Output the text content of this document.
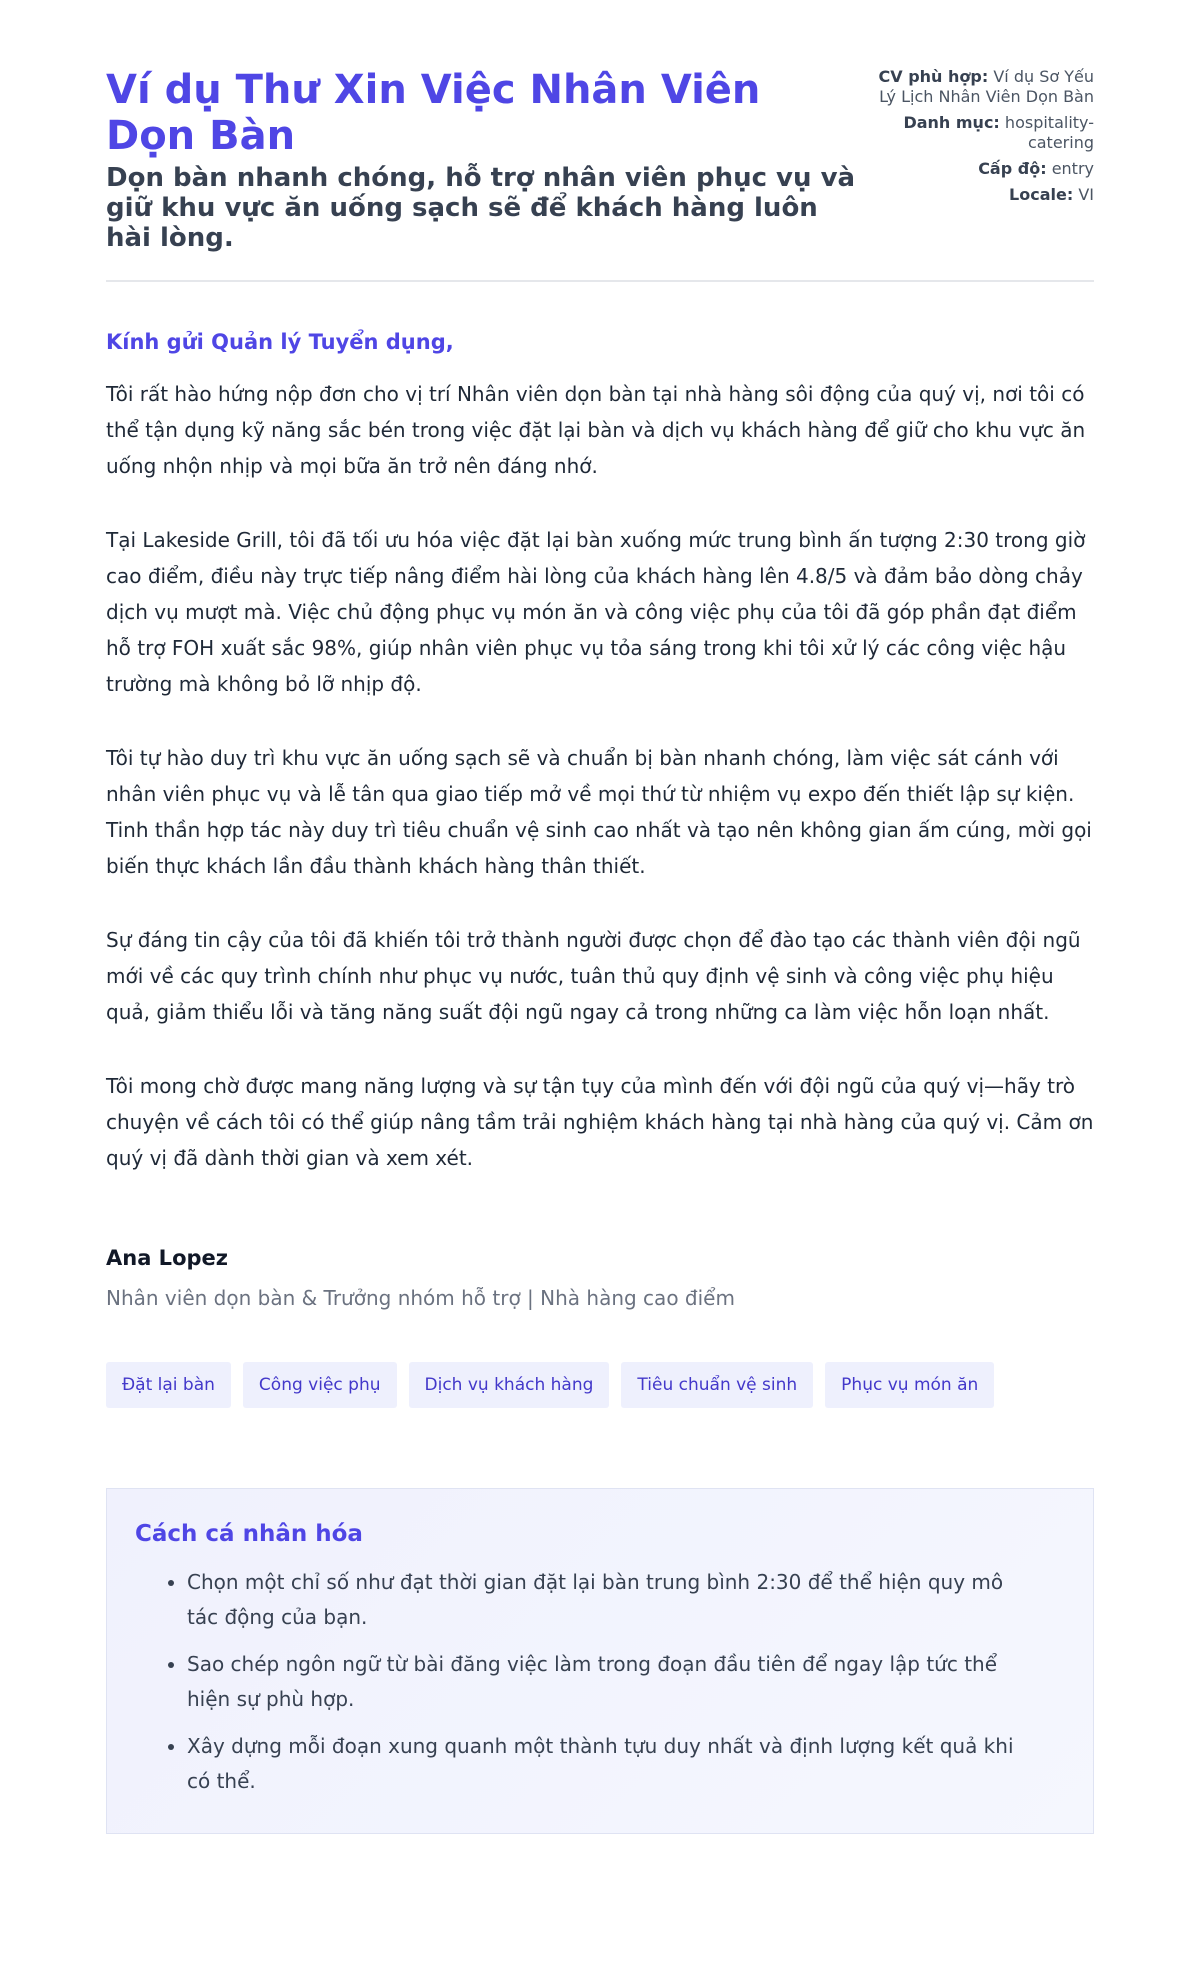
Ví dụ Thư Xin Việc Nhân Viên Dọn Bàn

Dọn bàn nhanh chóng, hỗ trợ nhân viên phục vụ và giữ khu vực ăn uống sạch sẽ để khách hàng luôn hài lòng.

CV phù hợp: Ví dụ Sơ Yếu Lý Lịch Nhân Viên Dọn Bàn
Danh mục: hospitality-catering
Cấp độ: entry
Locale: VI

Kính gửi Quản lý Tuyển dụng,

Tôi rất hào hứng nộp đơn cho vị trí Nhân viên dọn bàn tại nhà hàng sôi động của quý vị, nơi tôi có thể tận dụng kỹ năng sắc bén trong việc đặt lại bàn và dịch vụ khách hàng để giữ cho khu vực ăn uống nhộn nhịp và mọi bữa ăn trở nên đáng nhớ.

Tại Lakeside Grill, tôi đã tối ưu hóa việc đặt lại bàn xuống mức trung bình ấn tượng 2:30 trong giờ cao điểm, điều này trực tiếp nâng điểm hài lòng của khách hàng lên 4.8/5 và đảm bảo dòng chảy dịch vụ mượt mà. Việc chủ động phục vụ món ăn và công việc phụ của tôi đã góp phần đạt điểm hỗ trợ FOH xuất sắc 98%, giúp nhân viên phục vụ tỏa sáng trong khi tôi xử lý các công việc hậu trường mà không bỏ lỡ nhịp độ.

Tôi tự hào duy trì khu vực ăn uống sạch sẽ và chuẩn bị bàn nhanh chóng, làm việc sát cánh với nhân viên phục vụ và lễ tân qua giao tiếp mở về mọi thứ từ nhiệm vụ expo đến thiết lập sự kiện. Tinh thần hợp tác này duy trì tiêu chuẩn vệ sinh cao nhất và tạo nên không gian ấm cúng, mời gọi biến thực khách lần đầu thành khách hàng thân thiết.

Sự đáng tin cậy của tôi đã khiến tôi trở thành người được chọn để đào tạo các thành viên đội ngũ mới về các quy trình chính như phục vụ nước, tuân thủ quy định vệ sinh và công việc phụ hiệu quả, giảm thiểu lỗi và tăng năng suất đội ngũ ngay cả trong những ca làm việc hỗn loạn nhất.

Tôi mong chờ được mang năng lượng và sự tận tụy của mình đến với đội ngũ của quý vị—hãy trò chuyện về cách tôi có thể giúp nâng tầm trải nghiệm khách hàng tại nhà hàng của quý vị. Cảm ơn quý vị đã dành thời gian và xem xét.

Ana Lopez

Nhân viên dọn bàn & Trưởng nhóm hỗ trợ | Nhà hàng cao điểm

Đặt lại bàn	Công việc phụ	Dịch vụ khách hàng	Tiêu chuẩn vệ sinh	Phục vụ món ăn
Cách cá nhân hóa
• Chọn một chỉ số như đạt thời gian đặt lại bàn trung bình 2:30 để thể hiện quy mô tác động của bạn.
• Sao chép ngôn ngữ từ bài đăng việc làm trong đoạn đầu tiên để ngay lập tức thể hiện sự phù hợp.
• Xây dựng mỗi đoạn xung quanh một thành tựu duy nhất và định lượng kết quả khi có thể.
